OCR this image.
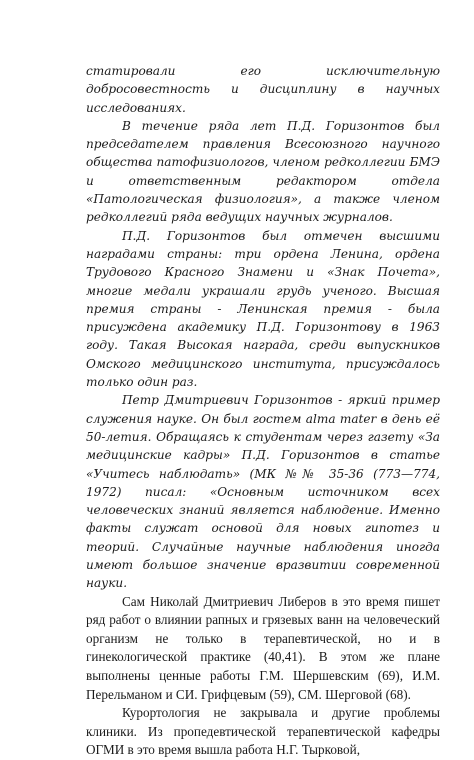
статировали его исключительную добросовестность и дисциплину в научных исследованиях.

В течение ряда лет П.Д. Горизонтов был председателем правления Всесоюзного научного общества патофизиологов, членом редколлегии БМЭ и ответственным редактором отдела «Патологическая физиология», а также членом редколлегий ряда ведущих научных журналов.

П.Д. Горизонтов был отмечен высшими наградами страны: три ордена Ленина, ордена Трудового Красного Знамени и «Знак Почета», многие медали украшали грудь ученого. Высшая премия страны - Ленинская премия - была присуждена академику П.Д. Горизонтову в 1963 году. Такая Высокая награда, среди выпускников Омского медицинского института, присуждалось только один раз.

Петр Дмитриевич Горизонтов - яркий пример служения науке. Он был гостем alma mater в день её 50-летия. Обращаясь к студентам через газету «За медицинские кадры» П.Д. Горизонтов в статье «Учитесь наблюдать» (МК №№ 35-36 (773—774, 1972) писал: «Основным источником всех человеческих знаний является наблюдение. Именно факты служат основой для новых гипотез и теорий. Случайные научные наблюдения иногда имеют большое значение вразвитии современной науки.

Сам Николай Дмитриевич Либеров в это время пишет ряд работ о влиянии рапных и грязевых ванн на человеческий организм не только в терапевтической, но и в гинекологической практике (40,41). В этом же плане выполнены ценные работы Г.М. Шершевским (69), И.М. Перельманом и СИ. Грифцевым (59), СМ. Шерговой (68).

Курортология не закрывала и другие проблемы клиники. Из пропедевтической терапевтической кафедры ОГМИ в это время вышла работа Н.Г. Тырковой,
